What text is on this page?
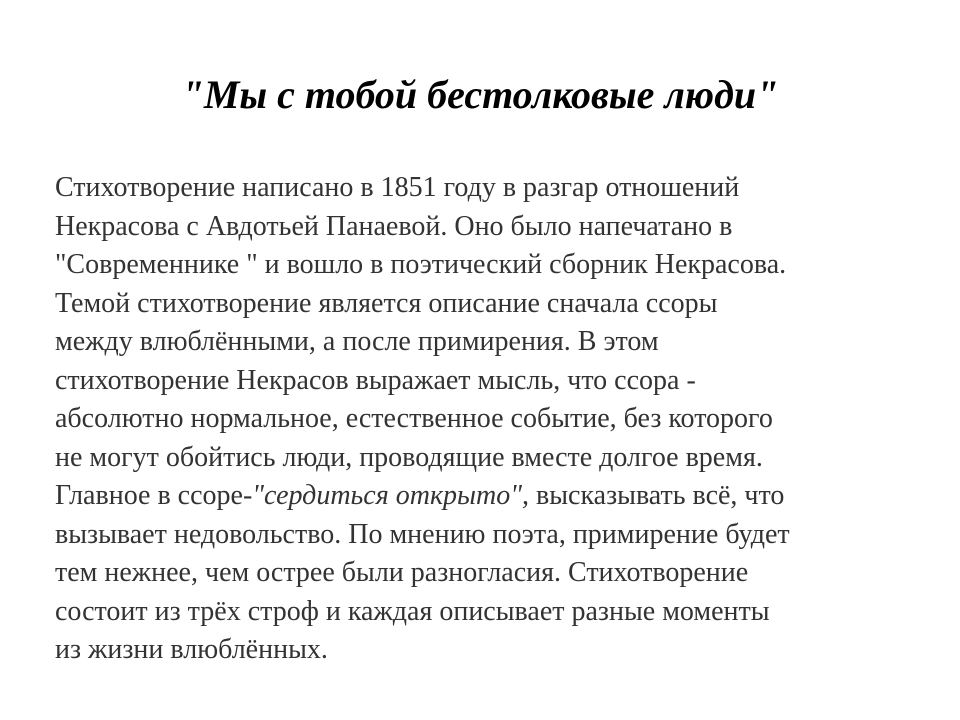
"Мы с тобой бестолковые люди"
Стихотворение написано в 1851 году в разгар отношений
Некрасова с Авдотьей Панаевой. Оно было напечатано в
"Современнике " и вошло в поэтический сборник Некрасова.
Темой стихотворение является описание сначала ссоры
между влюблёнными, а после примирения. В этом
стихотворение Некрасов выражает мысль, что ссора -
абсолютно нормальное, естественное событие, без которого
не могут обойтись люди, проводящие вместе долгое время.
Главное в ссоре-"сердиться открыто", высказывать всё, что
вызывает недовольство. По мнению поэта, примирение будет
тем нежнее, чем острее были разногласия. Стихотворение
состоит из трёх строф и каждая описывает разные моменты
из жизни влюблённых.
